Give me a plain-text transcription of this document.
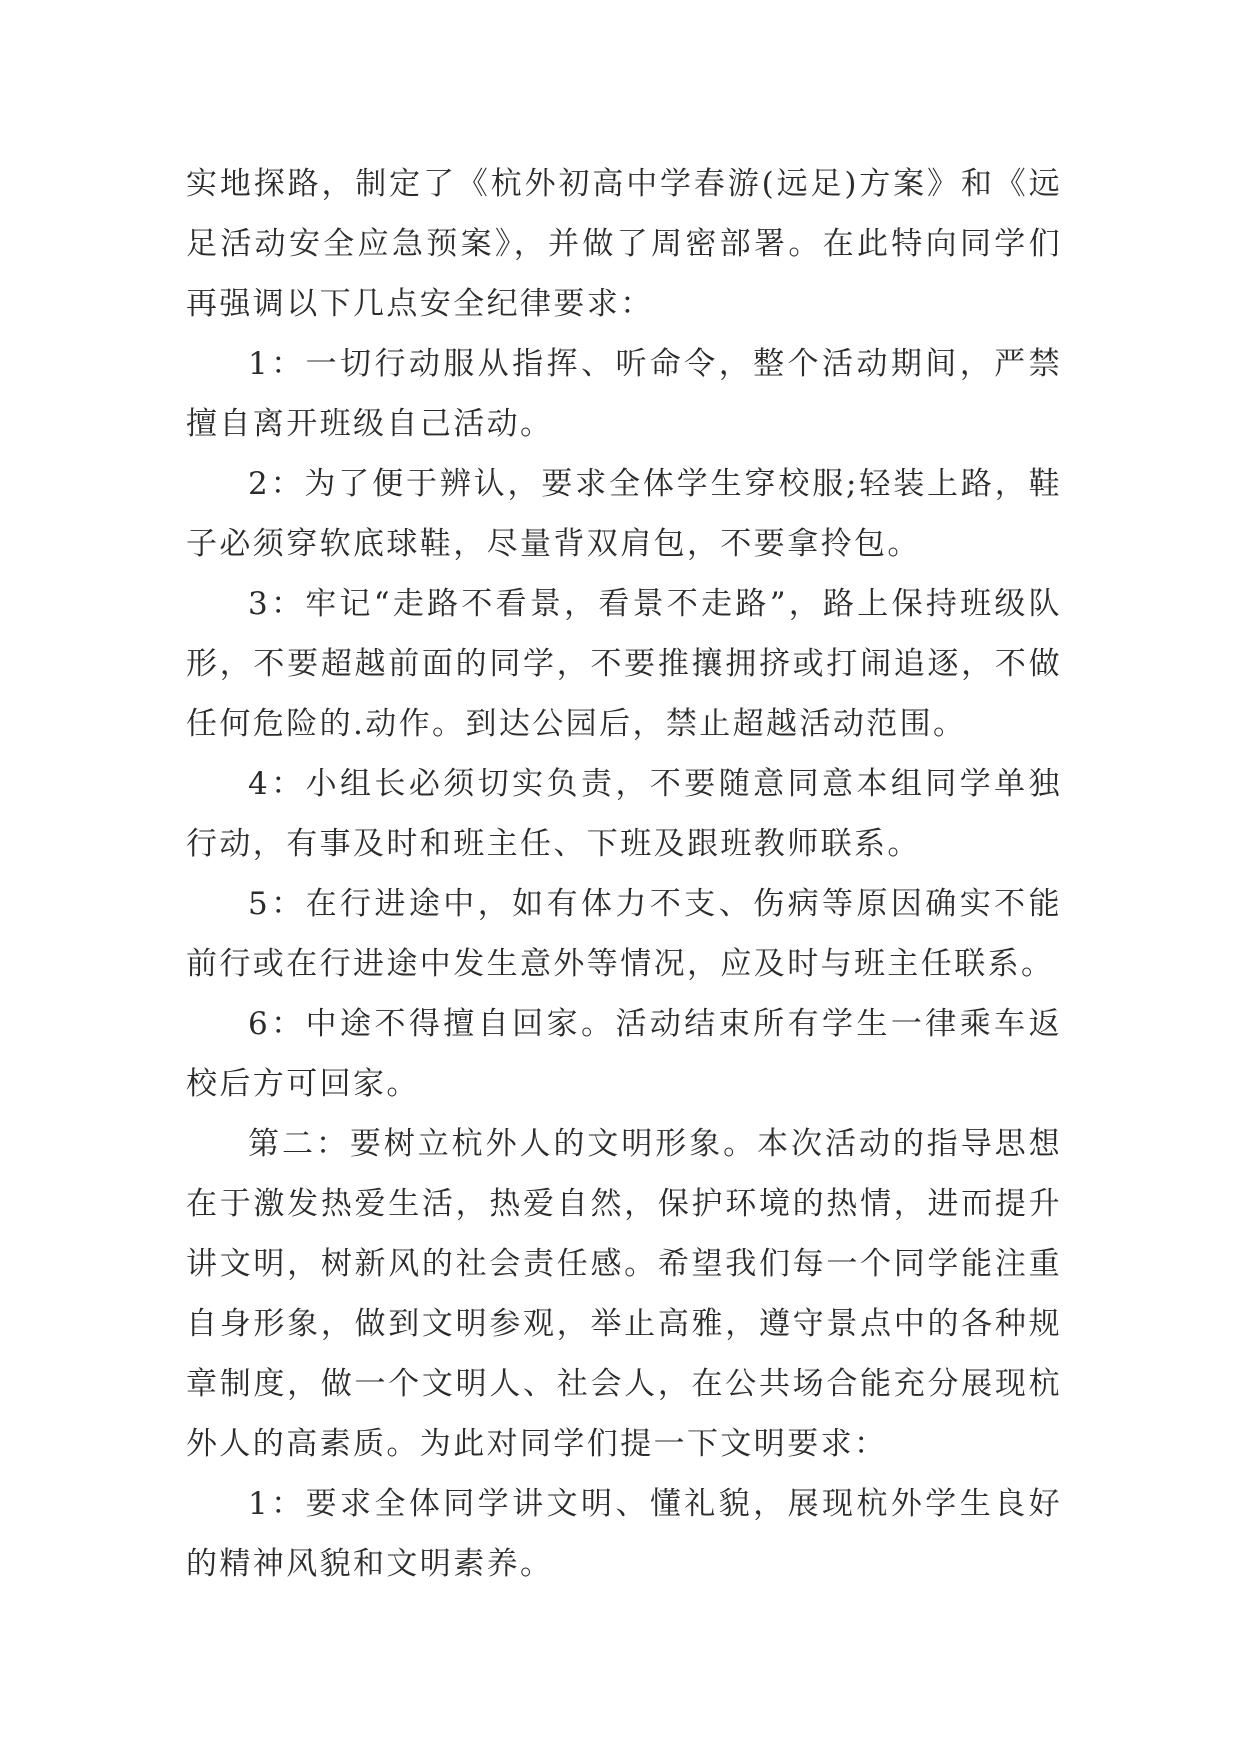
实地探路，制定了《杭外初高中学春游(远足)方案》和《远足活动安全应急预案》，并做了周密部署。在此特向同学们再强调以下几点安全纪律要求：

1：一切行动服从指挥、听命令，整个活动期间，严禁擅自离开班级自己活动。

2：为了便于辨认，要求全体学生穿校服;轻装上路，鞋子必须穿软底球鞋，尽量背双肩包，不要拿拎包。

3：牢记“走路不看景，看景不走路”，路上保持班级队形，不要超越前面的同学，不要推攘拥挤或打闹追逐，不做任何危险的.动作。到达公园后，禁止超越活动范围。

4：小组长必须切实负责，不要随意同意本组同学单独行动，有事及时和班主任、下班及跟班教师联系。

5：在行进途中，如有体力不支、伤病等原因确实不能前行或在行进途中发生意外等情况，应及时与班主任联系。

6：中途不得擅自回家。活动结束所有学生一律乘车返校后方可回家。

第二：要树立杭外人的文明形象。本次活动的指导思想在于激发热爱生活，热爱自然，保护环境的热情，进而提升讲文明，树新风的社会责任感。希望我们每一个同学能注重自身形象，做到文明参观，举止高雅，遵守景点中的各种规章制度，做一个文明人、社会人，在公共场合能充分展现杭外人的高素质。为此对同学们提一下文明要求：

1：要求全体同学讲文明、懂礼貌，展现杭外学生良好的精神风貌和文明素养。
